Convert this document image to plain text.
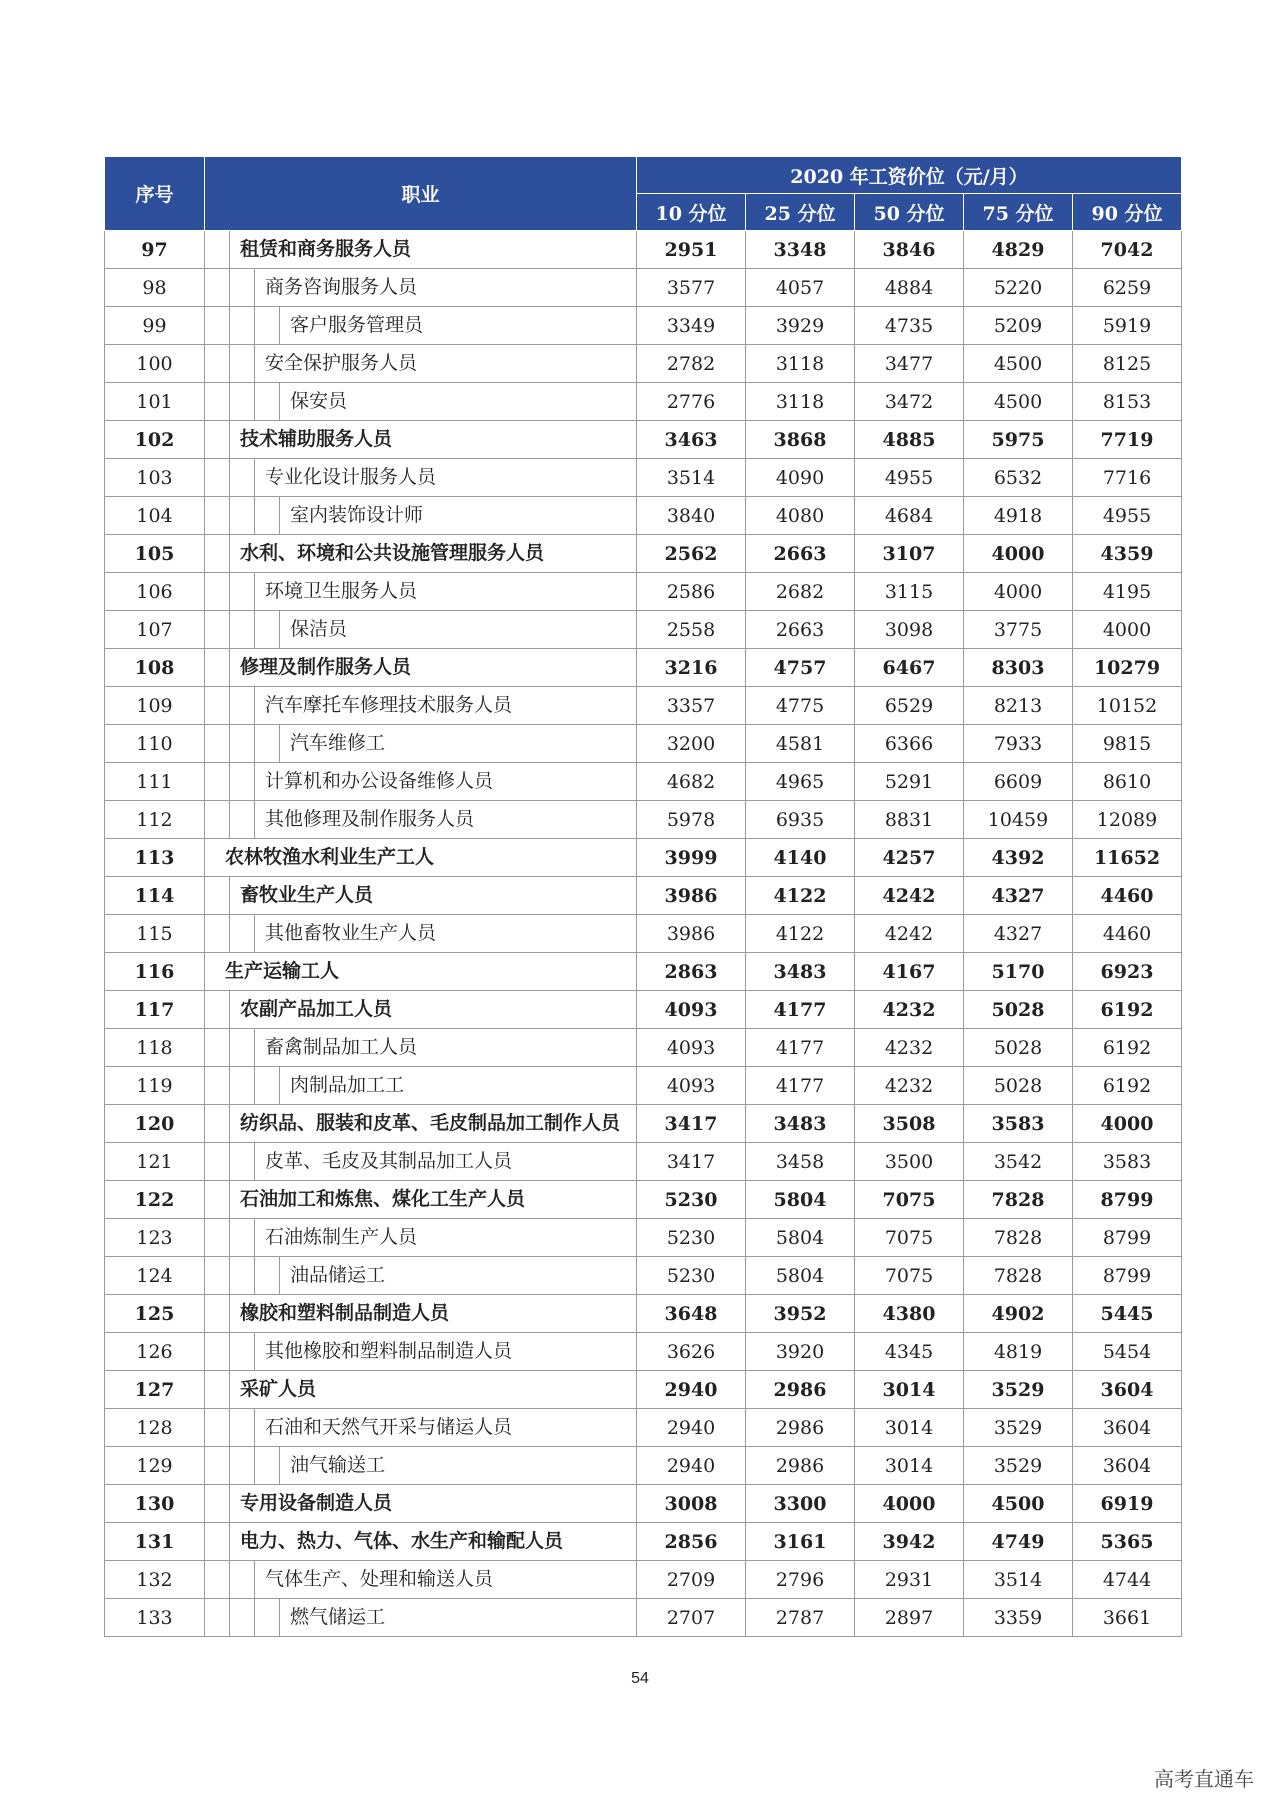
序号	职业	2020 年工资价位（元/月）				
		10 分位	25 分位	50 分位	75 分位	90 分位
97	租赁和商务服务人员	2951	3348	3846	4829	7042
98	商务咨询服务人员	3577	4057	4884	5220	6259
99	客户服务管理员	3349	3929	4735	5209	5919
100	安全保护服务人员	2782	3118	3477	4500	8125
101	保安员	2776	3118	3472	4500	8153
102	技术辅助服务人员	3463	3868	4885	5975	7719
103	专业化设计服务人员	3514	4090	4955	6532	7716
104	室内装饰设计师	3840	4080	4684	4918	4955
105	水利、环境和公共设施管理服务人员	2562	2663	3107	4000	4359
106	环境卫生服务人员	2586	2682	3115	4000	4195
107	保洁员	2558	2663	3098	3775	4000
108	修理及制作服务人员	3216	4757	6467	8303	10279
109	汽车摩托车修理技术服务人员	3357	4775	6529	8213	10152
110	汽车维修工	3200	4581	6366	7933	9815
111	计算机和办公设备维修人员	4682	4965	5291	6609	8610
112	其他修理及制作服务人员	5978	6935	8831	10459	12089
113	农林牧渔水利业生产工人	3999	4140	4257	4392	11652
114	畜牧业生产人员	3986	4122	4242	4327	4460
115	其他畜牧业生产人员	3986	4122	4242	4327	4460
116	生产运输工人	2863	3483	4167	5170	6923
117	农副产品加工人员	4093	4177	4232	5028	6192
118	畜禽制品加工人员	4093	4177	4232	5028	6192
119	肉制品加工工	4093	4177	4232	5028	6192
120	纺织品、服装和皮革、毛皮制品加工制作人员	3417	3483	3508	3583	4000
121	皮革、毛皮及其制品加工人员	3417	3458	3500	3542	3583
122	石油加工和炼焦、煤化工生产人员	5230	5804	7075	7828	8799
123	石油炼制生产人员	5230	5804	7075	7828	8799
124	油品储运工	5230	5804	7075	7828	8799
125	橡胶和塑料制品制造人员	3648	3952	4380	4902	5445
126	其他橡胶和塑料制品制造人员	3626	3920	4345	4819	5454
127	采矿人员	2940	2986	3014	3529	3604
128	石油和天然气开采与储运人员	2940	2986	3014	3529	3604
129	油气输送工	2940	2986	3014	3529	3604
130	专用设备制造人员	3008	3300	4000	4500	6919
131	电力、热力、气体、水生产和输配人员	2856	3161	3942	4749	5365
132	气体生产、处理和输送人员	2709	2796	2931	3514	4744
133	燃气储运工	2707	2787	2897	3359	3661
54
高考直通车
